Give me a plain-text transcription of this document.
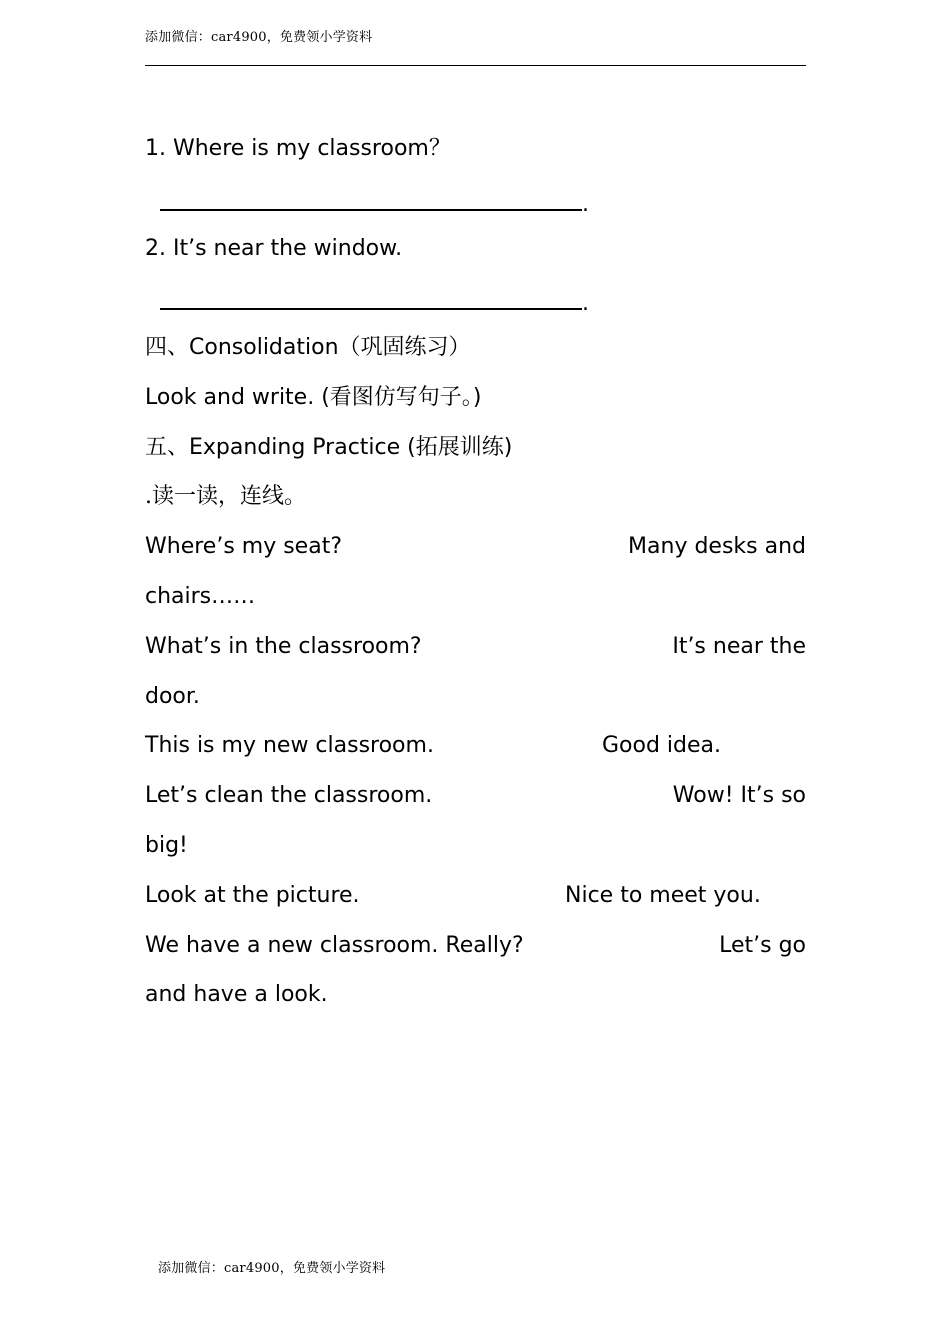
添加微信：car4900，免费领小学资料
1. Where is my classroom？
.
2. It’s near the window.
.
四、Consolidation（巩固练习）
Look and write. (看图仿写句子。)
五、Expanding Practice (拓展训练)
.读一读，连线。
Where’s my seat?	Many desks and
chairs……
What’s in the classroom?	It’s near the
door.
This is my new classroom.	Good idea.
Let’s clean the classroom.	Wow! It’s so
big!
Look at the picture.	Nice to meet you.
We have a new classroom. Really?	Let’s go
and have a look.
添加微信：car4900，免费领小学资料
